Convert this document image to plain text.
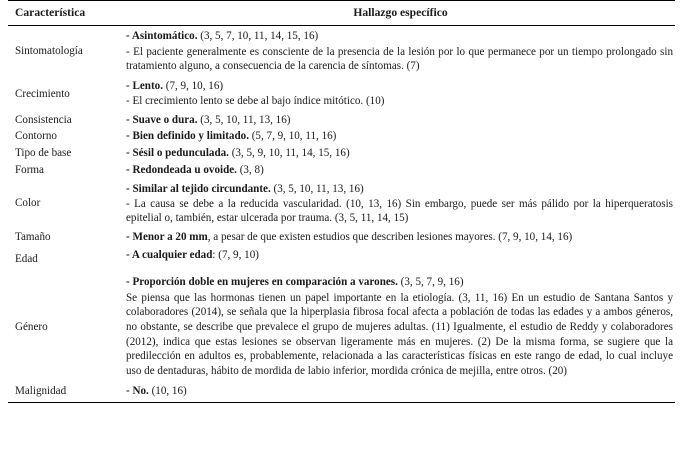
Característica	Hallazgo específico
Sintomatología	- Asintomático. (3, 5, 7, 10, 11, 14, 15, 16)
- El paciente generalmente es consciente de la presencia de la lesión por lo que permanece por un tiempo prolongado sin tratamiento alguno, a consecuencia de la carencia de síntomas. (7)

Crecimiento	- Lento. (7, 9, 10, 16)
- El crecimiento lento se debe al bajo índice mitótico. (10)

Consistencia	- Suave o dura. (3, 5, 10, 11, 13, 16)

Contorno	- Bien definido y limitado. (5, 7, 9, 10, 11, 16)

Tipo de base	- Sésil o pedunculada. (3, 5, 9, 10, 11, 14, 15, 16)

Forma	- Redondeada u ovoide. (3, 8)

Color	- Similar al tejido circundante. (3, 5, 10, 11, 13, 16)
- La causa se debe a la reducida vascularidad. (10, 13, 16) Sin embargo, puede ser más pálido por la hiperqueratosis epitelial o, también, estar ulcerada por trauma. (3, 5, 11, 14, 15)

Tamaño	- Menor a 20 mm, a pesar de que existen estudios que describen lesiones mayores. (7, 9, 10, 14, 16)

Edad	- A cualquier edad: (7, 9, 10)

Género	- Proporción doble en mujeres en comparación a varones. (3, 5, 7, 9, 16)
Se piensa que las hormonas tienen un papel importante en la etiología. (3, 11, 16) En un estudio de Santana Santos y colaboradores (2014), se señala que la hiperplasia fibrosa focal afecta a población de todas las edades y a ambos géneros, no obstante, se describe que prevalece el grupo de mujeres adultas. (11) Igualmente, el estudio de Reddy y colaboradores (2012), indica que estas lesiones se observan ligeramente más en mujeres. (2) De la misma forma, se sugiere que la predilección en adultos es, probablemente, relacionada a las características físicas en este rango de edad, lo cual incluye uso de dentaduras, hábito de mordida de labio inferior, mordida crónica de mejilla, entre otros. (20)

Malignidad	- No. (10, 16)
